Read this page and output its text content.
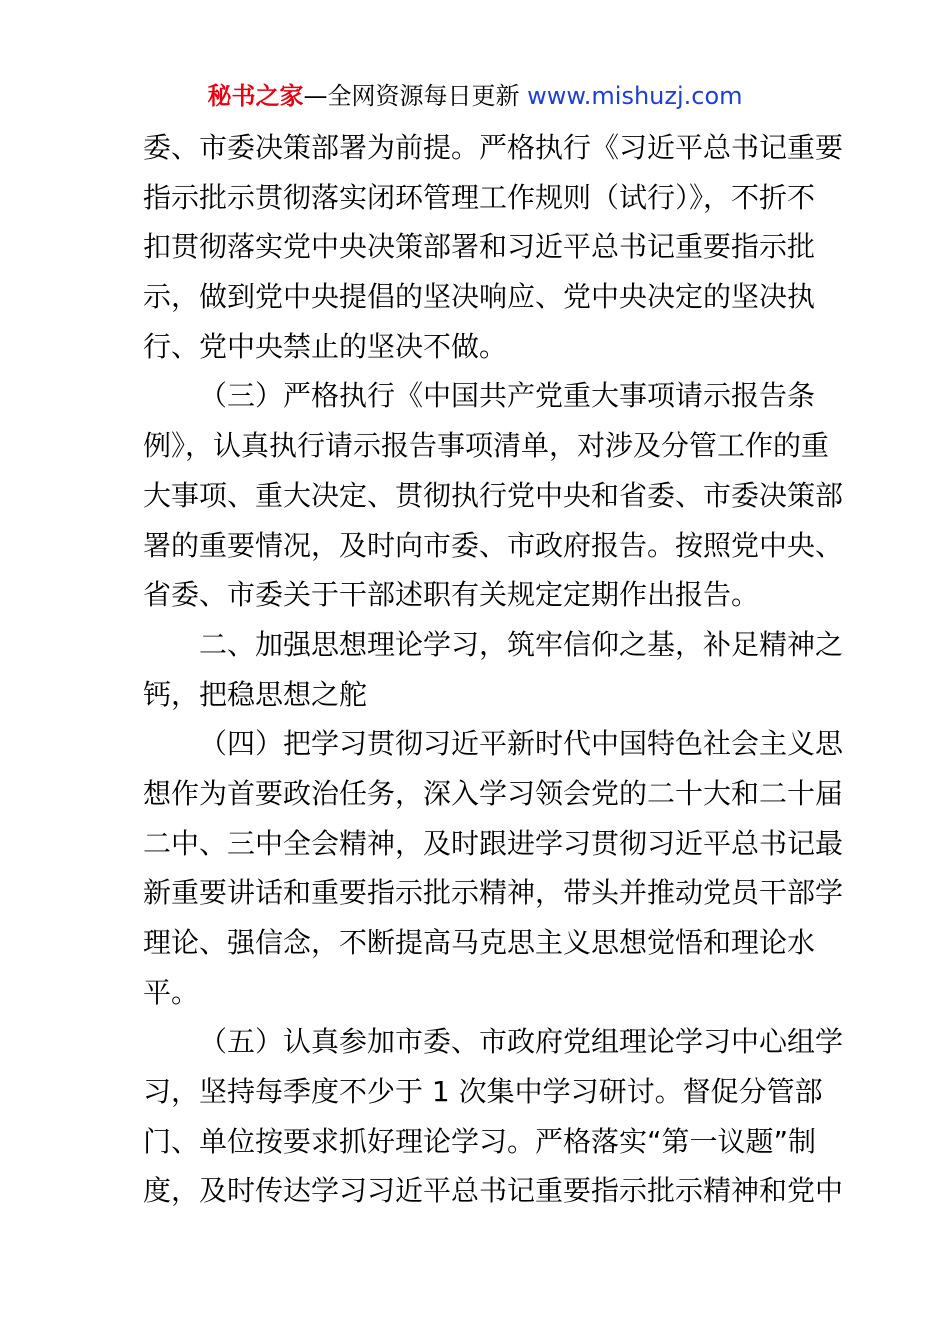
秘书之家—全网资源每日更新 www.mishuzj.com
委、市委决策部署为前提。严格执行《习近平总书记重要
指示批示贯彻落实闭环管理工作规则（试行）》，不折不
扣贯彻落实党中央决策部署和习近平总书记重要指示批
示，做到党中央提倡的坚决响应、党中央决定的坚决执
行、党中央禁止的坚决不做。
（三）严格执行《中国共产党重大事项请示报告条
例》，认真执行请示报告事项清单，对涉及分管工作的重
大事项、重大决定、贯彻执行党中央和省委、市委决策部
署的重要情况，及时向市委、市政府报告。按照党中央、
省委、市委关于干部述职有关规定定期作出报告。
二、加强思想理论学习，筑牢信仰之基，补足精神之
钙，把稳思想之舵
（四）把学习贯彻习近平新时代中国特色社会主义思
想作为首要政治任务，深入学习领会党的二十大和二十届
二中、三中全会精神，及时跟进学习贯彻习近平总书记最
新重要讲话和重要指示批示精神，带头并推动党员干部学
理论、强信念，不断提高马克思主义思想觉悟和理论水
平。
（五）认真参加市委、市政府党组理论学习中心组学
习，坚持每季度不少于 1 次集中学习研讨。督促分管部
门、单位按要求抓好理论学习。严格落实“第一议题”制
度，及时传达学习习近平总书记重要指示批示精神和党中
